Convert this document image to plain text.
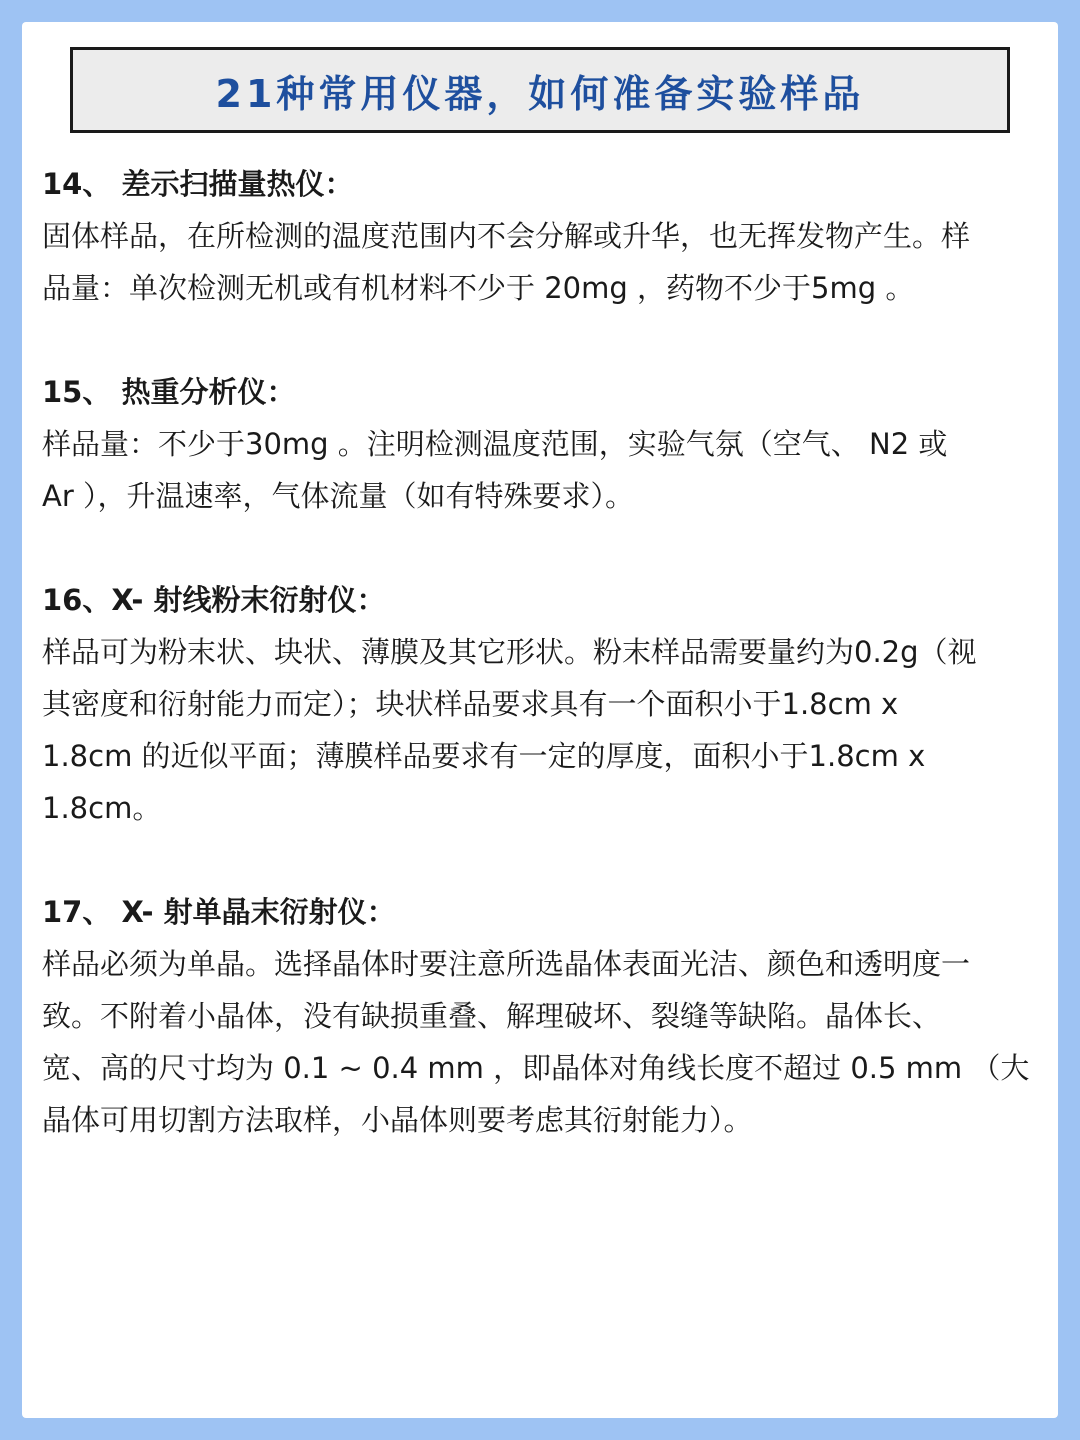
21种常用仪器，如何准备实验样品
14、 差示扫描量热仪：
固体样品，在所检测的温度范围内不会分解或升华，也无挥发物产生。样
品量：单次检测无机或有机材料不少于 20mg ，药物不少于5mg 。
15、 热重分析仪：
样品量：不少于30mg 。注明检测温度范围，实验气氛（空气、 N2 或
Ar ），升温速率，气体流量（如有特殊要求）。
16、X- 射线粉末衍射仪：
样品可为粉末状、块状、薄膜及其它形状。粉末样品需要量约为0.2g（视
其密度和衍射能力而定）；块状样品要求具有一个面积小于1.8cm x
1.8cm 的近似平面；薄膜样品要求有一定的厚度，面积小于1.8cm x
1.8cm。
17、 X- 射单晶末衍射仪：
样品必须为单晶。选择晶体时要注意所选晶体表面光洁、颜色和透明度一
致。不附着小晶体，没有缺损重叠、解理破坏、裂缝等缺陷。晶体长、
宽、高的尺寸均为 0.1 ~ 0.4 mm ，即晶体对角线长度不超过 0.5 mm （大
晶体可用切割方法取样，小晶体则要考虑其衍射能力）。
